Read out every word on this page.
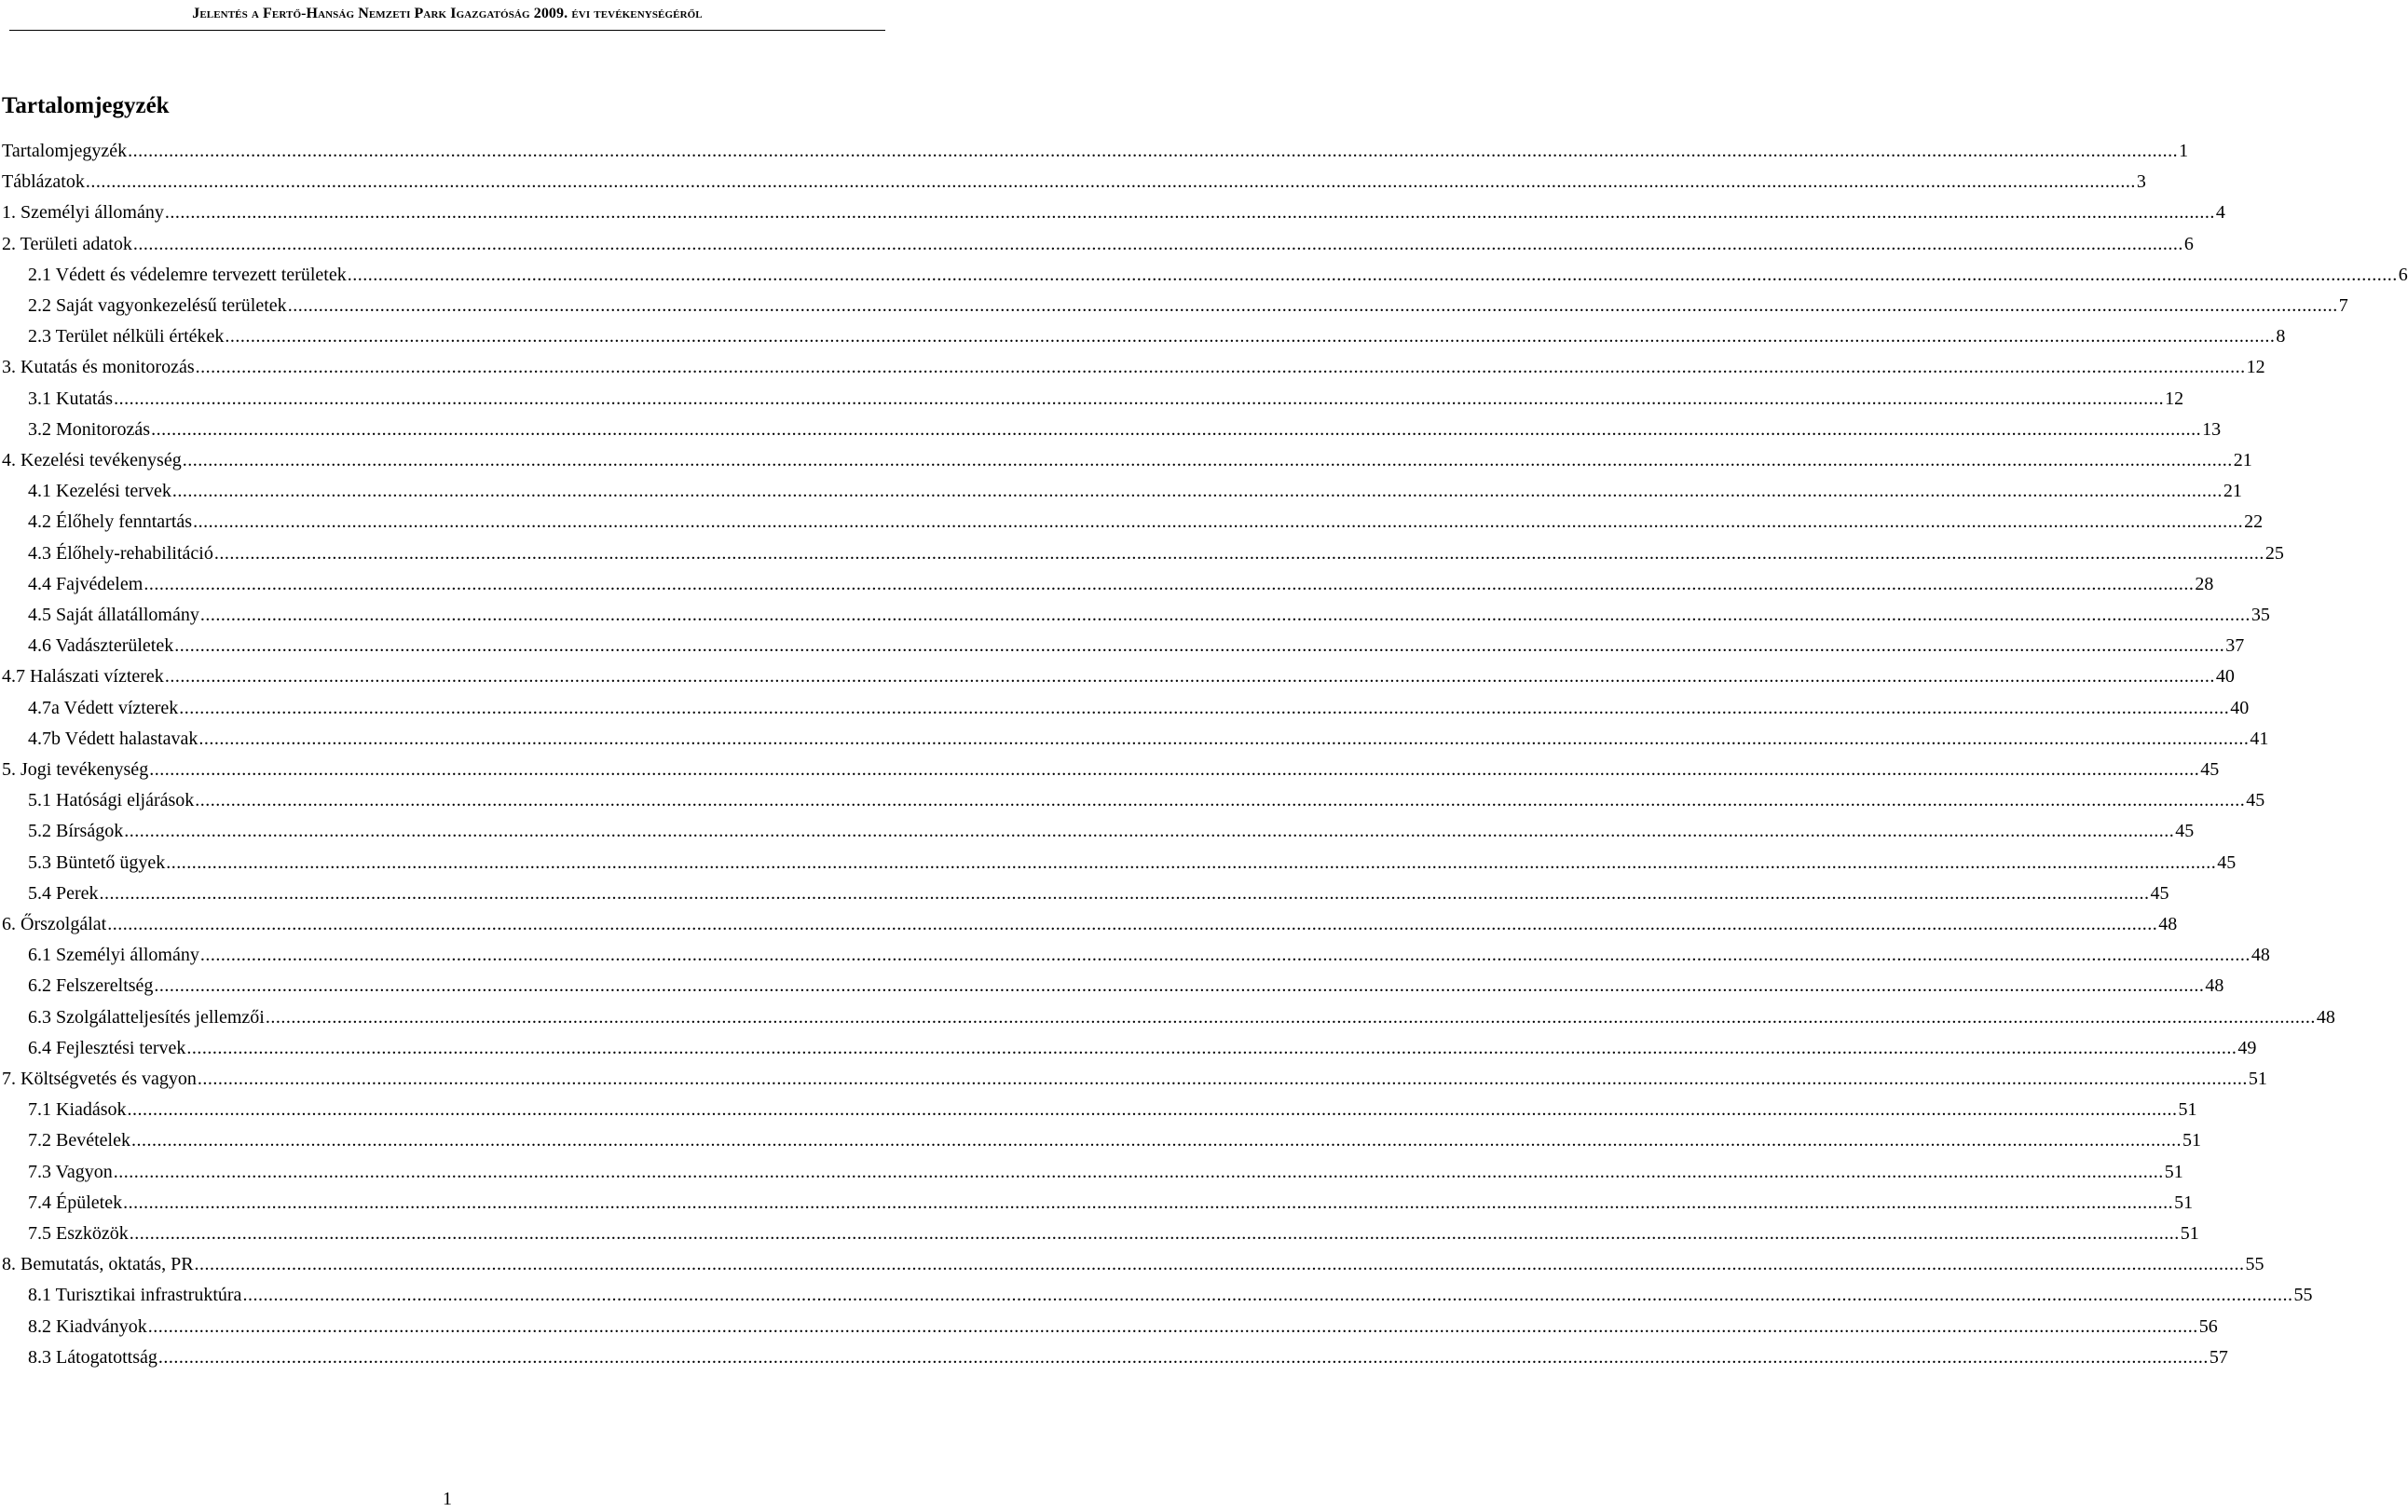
Jelentés a Fertő-Hanság Nemzeti Park Igazgatóság 2009. évi tevékenységéről
Tartalomjegyzék
Tartalomjegyzék ................................................................................................................................................................................................................................................................................................................................................................................................................ 1
Táblázatok ................................................................................................................................................................................................................................................................................................................................................................................................................ 3
1. Személyi állomány ................................................................................................................................................................................................................................................................................................................................................................................................................ 4
2. Területi adatok ................................................................................................................................................................................................................................................................................................................................................................................................................ 6
2.1 Védett és védelemre tervezett területek ................................................................................................................................................................................................................................................................................................................................................................................................................ 6
2.2 Saját vagyonkezelésű területek ................................................................................................................................................................................................................................................................................................................................................................................................................ 7
2.3 Terület nélküli értékek ................................................................................................................................................................................................................................................................................................................................................................................................................ 8
3. Kutatás és monitorozás ................................................................................................................................................................................................................................................................................................................................................................................................................ 12
3.1 Kutatás ................................................................................................................................................................................................................................................................................................................................................................................................................ 12
3.2 Monitorozás ................................................................................................................................................................................................................................................................................................................................................................................................................ 13
4. Kezelési tevékenység ................................................................................................................................................................................................................................................................................................................................................................................................................ 21
4.1 Kezelési tervek ................................................................................................................................................................................................................................................................................................................................................................................................................ 21
4.2 Élőhely fenntartás ................................................................................................................................................................................................................................................................................................................................................................................................................ 22
4.3 Élőhely-rehabilitáció ................................................................................................................................................................................................................................................................................................................................................................................................................ 25
4.4 Fajvédelem ................................................................................................................................................................................................................................................................................................................................................................................................................ 28
4.5 Saját állatállomány ................................................................................................................................................................................................................................................................................................................................................................................................................ 35
4.6 Vadászterületek ................................................................................................................................................................................................................................................................................................................................................................................................................ 37
4.7 Halászati vízterek ................................................................................................................................................................................................................................................................................................................................................................................................................ 40
4.7a Védett vízterek ................................................................................................................................................................................................................................................................................................................................................................................................................ 40
4.7b Védett halastavak ................................................................................................................................................................................................................................................................................................................................................................................................................ 41
5. Jogi tevékenység ................................................................................................................................................................................................................................................................................................................................................................................................................ 45
5.1 Hatósági eljárások ................................................................................................................................................................................................................................................................................................................................................................................................................ 45
5.2 Bírságok ................................................................................................................................................................................................................................................................................................................................................................................................................ 45
5.3 Büntető ügyek ................................................................................................................................................................................................................................................................................................................................................................................................................ 45
5.4 Perek ................................................................................................................................................................................................................................................................................................................................................................................................................ 45
6. Őrszolgálat ................................................................................................................................................................................................................................................................................................................................................................................................................ 48
6.1 Személyi állomány ................................................................................................................................................................................................................................................................................................................................................................................................................ 48
6.2 Felszereltség ................................................................................................................................................................................................................................................................................................................................................................................................................ 48
6.3 Szolgálatteljesítés jellemzői ................................................................................................................................................................................................................................................................................................................................................................................................................ 48
6.4 Fejlesztési tervek ................................................................................................................................................................................................................................................................................................................................................................................................................ 49
7. Költségvetés és vagyon ................................................................................................................................................................................................................................................................................................................................................................................................................ 51
7.1 Kiadások ................................................................................................................................................................................................................................................................................................................................................................................................................ 51
7.2 Bevételek ................................................................................................................................................................................................................................................................................................................................................................................................................ 51
7.3 Vagyon ................................................................................................................................................................................................................................................................................................................................................................................................................ 51
7.4 Épületek ................................................................................................................................................................................................................................................................................................................................................................................................................ 51
7.5 Eszközök ................................................................................................................................................................................................................................................................................................................................................................................................................ 51
8. Bemutatás, oktatás, PR ................................................................................................................................................................................................................................................................................................................................................................................................................ 55
8.1 Turisztikai infrastruktúra ................................................................................................................................................................................................................................................................................................................................................................................................................ 55
8.2 Kiadványok ................................................................................................................................................................................................................................................................................................................................................................................................................ 56
8.3 Látogatottság ................................................................................................................................................................................................................................................................................................................................................................................................................ 57
1
